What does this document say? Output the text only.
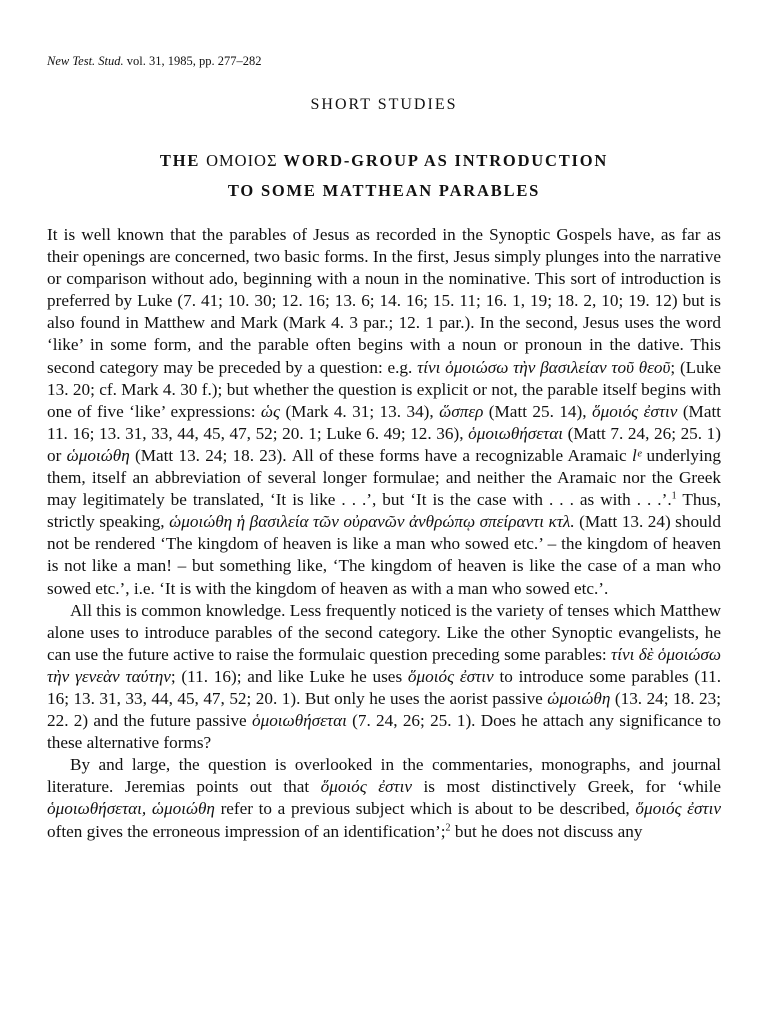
New Test. Stud. vol. 31, 1985, pp. 277–282
SHORT STUDIES
THE ΟΜΟΙΟΣ WORD-GROUP AS INTRODUCTION
TO SOME MATTHEAN PARABLES

It is well known that the parables of Jesus as recorded in the Synoptic Gospels have, as far as their openings are concerned, two basic forms. In the first, Jesus simply plunges into the narrative or comparison without ado, beginning with a noun in the nominative. This sort of introduction is preferred by Luke (7. 41; 10. 30; 12. 16; 13. 6; 14. 16; 15. 11; 16. 1, 19; 18. 2, 10; 19. 12) but is also found in Matthew and Mark (Mark 4. 3 par.; 12. 1 par.). In the second, Jesus uses the word ‘like’ in some form, and the parable often begins with a noun or pronoun in the dative. This second category may be preceded by a question: e.g. τίνι ὁμοιώσω τὴν βασιλείαν τοῦ θεοῦ; (Luke 13. 20; cf. Mark 4. 30 f.); but whether the question is explicit or not, the parable itself begins with one of five ‘like’ expressions: ὡς (Mark 4. 31; 13. 34), ὥσπερ (Matt 25. 14), ὅμοιός ἐστιν (Matt 11. 16; 13. 31, 33, 44, 45, 47, 52; 20. 1; Luke 6. 49; 12. 36), ὁμοιωθήσεται (Matt 7. 24, 26; 25. 1) or ὡμοιώθη (Matt 13. 24; 18. 23). All of these forms have a recognizable Aramaic lᵉ underlying them, itself an abbreviation of several longer formulae; and neither the Aramaic nor the Greek may legitimately be translated, ‘It is like . . .’, but ‘It is the case with . . . as with . . .’.$^1$ Thus, strictly speaking, ὡμοιώθη ἡ βασιλεία τῶν οὐρανῶν ἀνθρώπῳ σπείραντι κτλ. (Matt 13. 24) should not be rendered ‘The kingdom of heaven is like a man who sowed etc.’ – the kingdom of heaven is not like a man! – but something like, ‘The kingdom of heaven is like the case of a man who sowed etc.’, i.e. ‘It is with the kingdom of heaven as with a man who sowed etc.’.

All this is common knowledge. Less frequently noticed is the variety of tenses which Matthew alone uses to introduce parables of the second category. Like the other Synoptic evangelists, he can use the future active to raise the formulaic question preceding some parables: τίνι δὲ ὁμοιώσω τὴν γενεὰν ταύτην; (11. 16); and like Luke he uses ὅμοιός ἐστιν to introduce some parables (11. 16; 13. 31, 33, 44, 45, 47, 52; 20. 1). But only he uses the aorist passive ὡμοιώθη (13. 24; 18. 23; 22. 2) and the future passive ὁμοιωθήσεται (7. 24, 26; 25. 1). Does he attach any significance to these alternative forms?

By and large, the question is overlooked in the commentaries, monographs, and journal literature. Jeremias points out that ὅμοιός ἐστιν is most distinctively Greek, for ‘while ὁμοιωθήσεται, ὡμοιώθη refer to a previous subject which is about to be described, ὅμοιός ἐστιν often gives the erroneous impression of an identification’;$^2$ but he does not discuss any
